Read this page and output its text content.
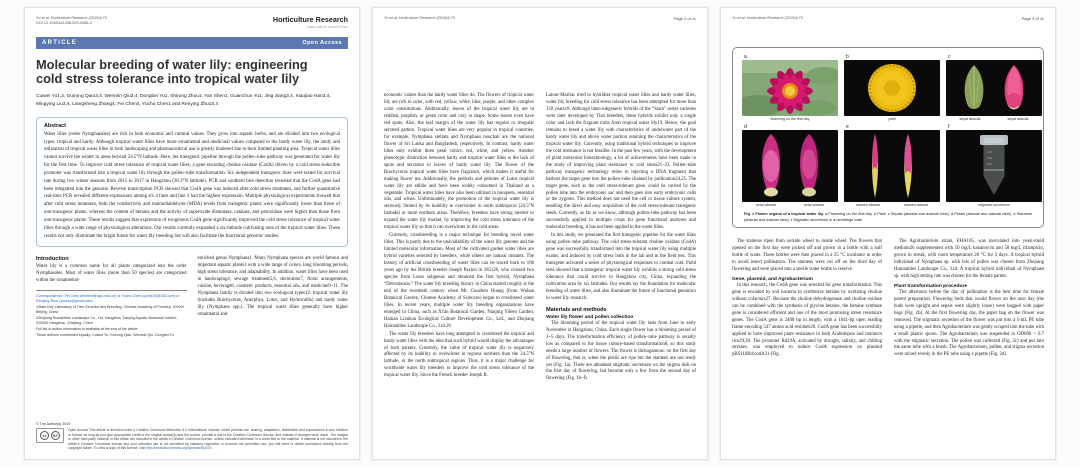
Yu et al. Horticulture Research (2019)6:73
DOI 10.1038/s41438-019-0086-2	Horticulture Research
www.nature.com/hortres
ARTICLE	Open Access
Molecular breeding of water lily: engineering cold stress tolerance into tropical water lily
Cuiwei Yu1,2, Guirong Qiao3,4, Wenmin Qiu3,4, Dongbei Yu1, Shirong Zhou1, Yan Shen1, Guanchun Yu1, Jing Jiang3,4, Xiaojiao Han3,4, Mingying Liu3,4, Liangsheng Zhang4, Fei Chen4, Yuchu Chen1 and Renying Zhuo3,4
Abstract
Water lilies (order Nymphaeales) are rich in both economic and cultural values. They grow into aquatic herbs, and are divided into two ecological types: tropical and hardy. Although tropical water lilies have more ornamental and medicinal values compared to the hardy water lily, the study and utilization of tropical water lilies in both landscaping and pharmaceutical use is greatly hindered due to their limited planting area. Tropical water lilies cannot survive the winter in areas beyond 24.5°N latitude. Here, the transgenic pipeline through the pollen–tube pathway was generated for water lily for the first time. To improve cold stress tolerance of tropical water lilies, a gene encoding choline oxidase (CodA) driven by a cold stress-inducible promoter was transformed into a tropical water lily through the pollen–tube transformation. Six independent transgenic lines were tested for survival rate during two winter seasons from 2015 to 2017 in Hangzhou (30.3°N latitude). PCR and southern blot detection revealed that the CodA gene had been integrated into the genome. Reverse transcription PCR showed that CodA gene was induced after cold stress treatment, and further quantitative real-time PCR revealed different expressions among six 4 lines and line 3 had the highest expression. Multiple physiological experiments showed that after cold stress treatment, both the conductivity and malondialdehyde (MDA) levels from transgenic plants were significantly lower than those of non-transgenic plants, whereas the content of betaine and the activity of superoxide dismutase, catalase, and peroxidase were higher than those from non-transgenic plants. These results suggest that expression of exogenous CodA gene significantly improved the cold stress tolerance of tropical water lilies through a wide range of physiological alterations. Our results currently expanded a six-latitude cultivating area of the tropical water lilies. These results not only illuminate the bright future for water lily breeding but will also facilitate the functional genomic studies.
Introduction

Water lily is a common name for all plants categorized into the order Nymphaeales. Most of water lilies (more than 50 species) are categorized within the ornamental-

Correspondence: Fei Chen (feichen@njau.edu.cn) or Yuchu Chen (cyc9101@163.com) or Renying Zhuo (zhuory@gmail.com)

1State Key Laboratory of Tree Genetics and Breeding, Chinese Academy of Forestry, 100091 Beijing, China

2Zhejiang Humanities Landscape Co., Ltd, Hangzhou Tianjing Aquatic Botanical Garden, 310000 Hangzhou, Zhejiang, China

Full list of author information is available at the end of the article.

These authors contributed equally: Cuiwei Yu, Guirong Qiao, Wenmin Qiu, Dongbei Yu

enriched genus Nymphaea1. Many Nymphaea species are world famous and important aquatic plants3 with a wide range of colors, long blooming periods, high stress tolerance, and adaptability. In addition, water lilies have been used in landscaping4, sewage treatment5,6, decoration7, floral arrangements, cuisine, beverage8, cosmetic products, essential oils, and medicine9–11. The Nymphaea family is divided into two ecological types12: tropical water lily (includes Brachyceras, Anecphya, Lotos, and Hydrocallis) and hardy water lily (Nymphaea spp.). The tropical water lilies generally have higher ornamental and

© The Author(s) 2019
cc	BY

Open Access This article is licensed under a Creative Commons Attribution 4.0 International License, which permits use, sharing, adaptation, distribution and reproduction in any medium or format, as long as you give appropriate credit to the original author(s) and the source, provide a link to the Creative Commons license, and indicate if changes were made. The images or other third party material in this article are included in the article's Creative Commons license, unless indicated otherwise in a credit line to the material. If material is not included in the article's Creative Commons license and your intended use is not permitted by statutory regulation or exceeds the permitted use, you will need to obtain permission directly from the copyright holder. To view a copy of this license, visit http://creativecommons.org/licenses/by/4.0/.

Yu et al. Horticulture Research (2019)6:73	Page 2 of 11

economic values than the hardy water lilies do. The flowers of tropical water lily are rich in color, with red, yellow, white, blue, purple, and other complex color constitutions. Additionally, leaves of the tropical water lily are in reddish, purplish, or green color and vary in shape. Some leaves even have red spots. Also, the leaf margin of the water lily has regular or irregular serrated pattern. Tropical water lilies are very popular in tropical countries, for example, Nymphaea stellata and Nymphaea nouchali are the national flower of Sri Lanka and Bangladesh, respectively. In contrast, hardy water lilies only exhibit three petal colors: red, white, and yellow. Another phenotypic distinction between hardy and tropical water lilies is the lack of spots and serration in leaves of hardy water lily. The flower of the Brachyceras tropical water lilies have fragrance, which makes it useful for making flower tea. Additionally, the pedicels and petioles of Lotos tropical water lily are edible and have been widely consumed in Thailand as a vegetable. Tropical water lilies have also been utilized in bouquets, essential oils, and wines. Unfortunately, the promotion of the tropical water lily is seriously limited by its inability to overwinter in north subtropical (24.5°N latitude) or more northern areas. Therefore, breeders have strong interest to expand the water lily market, by improving the cold stress tolerance of the tropical water lily so that it can overwinter in the cold areas.

Currently, crossbreeding is a major technique for breeding novel water lilies. This is partly due to the unavailability of the water lily genome and the limited molecular information. Most of the cultivated garden water lilies are hybrid varieties selected by breeders, while others are natural mutants. The history of artificial crossbreeding of water lilies can be traced back to 166 years ago by the British breeder Joseph Paxton in 185120, who crossed two species from Lotos subgenus and obtained the first hybrid, Nymphaea “Devoniensis.” The water lily breeding history in China started roughly at the end of the twentieth century when Mr. Guozhen Huang (from Wuhan Botanical Garden, Chinese Academy of Sciences) began to crossbreed water lilies. In recent years, multiple water lily breeding organizations have emerged in China, such as Xi'an Botanical Garden, Nanjing Yileen Garden, Hainan Lianhua Ecological Culture Development Co., Ltd., and Zhejiang Humanities Landscape Co., Ltd.20

The water lily breeders have long attempted to crossbreed the tropical and hardy water lilies with the idea that such hybrid would display the advantages of both parents. Currently, the value of tropical water lily is negatively affected by its inability to overwinter in regions northern than the 24.5°N latitude, or the north subtropical regions. Thus, it is a major challenge for worldwide water lily breeders to improve the cold stress tolerance of the tropical water lily. Since the French breeder Joseph B.

Latour-Marliac tried to hybridize tropical water lilies and hardy water lilies, water lily breeding for cold stress tolerance has been attempted for more than 150 years18. Although inter-subgeneric hybrids of the “Siam” series varieties were later developed by Thai breeders, these hybrids exhibit only a single color and lack the fragrant traits from tropical water lily19. Hence, the goal remains to breed a water lily with characteristics of underwater part of the hardy water lily and above water portion retaining the characteristics of the tropical water lily. Currently, using traditional hybrid techniques to improve the cold resistance is not feasible. In the past few years, with the development of plant molecular biotechnology, a lot of achievements have been made in the study of improving plant resistance to cold stress21–23. Pollen–tube pathway transgenic technology relies to injecting a DNA fragment that harbors the target gene into the pollen–tube channel by pollination24,25. The target gene, such as the cold stress-tolerant gene, could be carried by the pollen tube into the embryonic sac and then goes into early embryonic cells or the zygotes. This method does not need the cell or tissue culture system, enabling the direct and easy acquisition of the cold stress-tolerant transgenic seeds. Currently, as far as we know, although pollen–tube pathway has been successfully applied in multiple crops for gene functional analyses and molecular breeding, it has not been applied in the water lilies.

In this study, we generated the first transgenic pipeline for the water lilies using pollen–tube pathway. The cold stress-tolerant choline oxidase (CodA) gene was successfully transformed into the tropical water lily using multiple exams, and induced by cold stress both in the lab and in the field test. This transgene activated a series of physiological responses to combat cold. Field tests showed that a transgenic tropical water lily exhibits a strong cold stress tolerance that could survive in Hangzhou city, China, expanding the cultivation area by six latitudes. Our results lay the foundation for molecular breeding of water lilies, and also illuminate the future of functional genomics in water lily research.

Materials and methods
Water lily flower and pollen collection

The blooming period of the tropical water lily lasts from June to early November in Hangzhou, China. Each single flower has a blooming period of 3~5 days. The transformation efficiency of pollen–tube pathway is usually low as compared to the tissue culture-based transformation8, so this study needs a large number of flowers. The flower is dichogamous: on the first day of flowering, that is, when the pistils are ripe but the stamens are not ready yet (Fig. 1a). There are abundant stigmatic secretions on the stigma disk on the first day of flowering, but become only a few from the second day of flowering (Fig. 1b–f).

Yu et al. Horticulture Research (2019)6:73	Page 3 of 11
a
flowering on the first day
b
pistil
c
sepal abaxial	sepal adaxial
d
petal abaxial	petal adaxial
e
stamen abaxial	stamen adaxial
f
stigmatic secretions

Fig. 1 Flower organs of a tropical water lily. a Flowering on the first day. b Pistil. c Sepals (abaxial and adaxial view). d Petals (abaxial and adaxial view). e Stamens (abaxial and adaxial view). f Stigmatic secretions in a centrifuge tube

The stamens ripen from outside wheel to inside wheel. The flowers that opened on the first day were picked off and grown in a bottle with a half bottle of water. These bottles were then placed in a 25 °C incubator in order to avoid insect pollination. The stamens were cut off on the third day of flowering and were placed into a sterile water bottle in reserve.

Gene, plasmid, and Agrobacterium

In this research, the CodA gene was selected for gene transformation. This gene is encoded by soil bacteria to synthesize betaine by oxidizing choline without cofactors27. Because the choline dehydrogenase and choline oxidase can be combined with the synthesis of glycine betaine, the betaine synthase gene is considered efficient and one of the most promising stress resistance genes. The CodA gene is 2400 bp in length, with a 1641-bp open reading frame encoding 547 amino acid residues28. CodA gene has been successfully applied to have improved plant resistance in both Arabidopsis and monocot rice29,30. The promoter Rd29A, activated by drought, salinity, and chilling stresses, was employed to induce CodA expression on plasmid pBS110Rd:codA31 (Fig.

The Agrobacterium strain, EHA105, was inoculated into yeast-mold medium26 supplemented with 50 mg/L kanamycin and 50 mg/L rifampicin, grown in streak, with room temperature 28 °C for 3 days. A tropical hybrid individual of Nymphaea sp. with lots of pollen was chosen from Zhejiang Humanities Landscape Co., Ltd. A tropical hybrid individual of Nymphaea sp. with high setting rate was chosen for the female parent.

Plant transformation procedure

The afternoon before the day of pollination is the best time for female parent preparation. Flowering buds that would flower on the next day (the buds were upright and sepals were slightly loose) were bagged with paper bags (Fig. 2b). At the first flowering day, the paper bag on the flower was removed. The stigmatic secretion of the flower was put into a 5-mL PE tube using a pipette, and then Agrobacterium was gently scraped into the tube with a small plastic spoon. The Agrobacterium was suspended to OD600 = 0.7 with the stigmatic secretion. The pollen was collected (Fig. 2c) and put into the same tube with a brush. The Agrobacterium, pollen, and stigma secretion were mixed evenly in the PE tube using a pipette (Fig. 2d).
